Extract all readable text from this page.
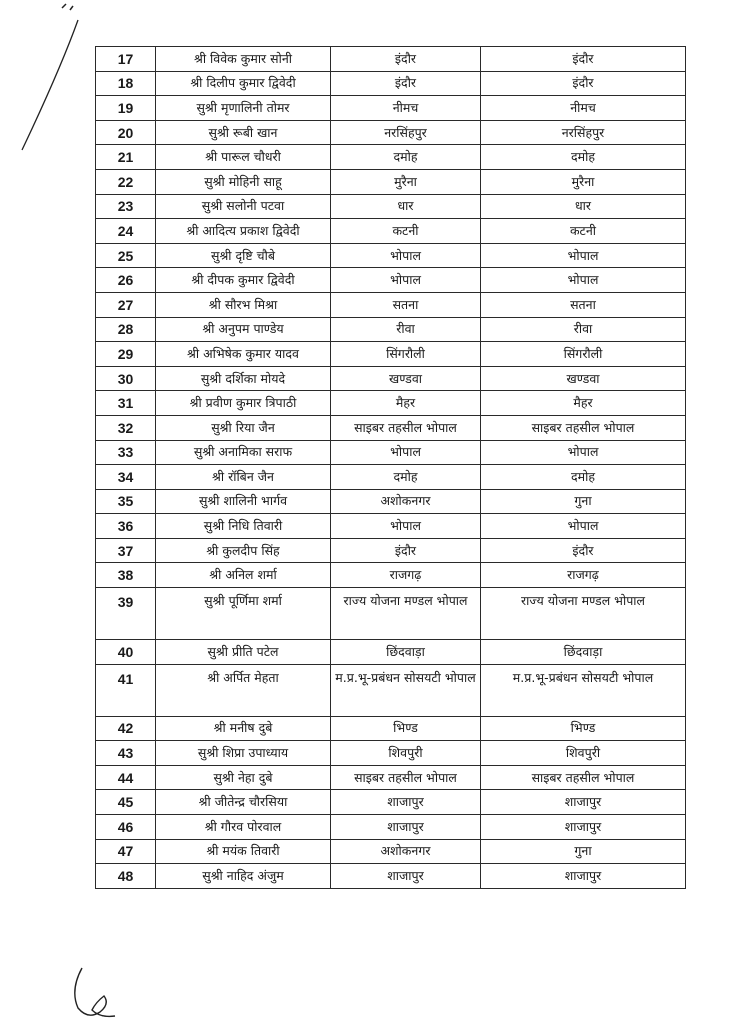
17	श्री विवेक कुमार सोनी	इंदौर	इंदौर
18	श्री दिलीप कुमार द्विवेदी	इंदौर	इंदौर
19	सुश्री मृणालिनी तोमर	नीमच	नीमच
20	सुश्री रूबी खान	नरसिंहपुर	नरसिंहपुर
21	श्री पारूल चौधरी	दमोह	दमोह
22	सुश्री मोहिनी साहू	मुरैना	मुरैना
23	सुश्री सलोनी पटवा	धार	धार
24	श्री आदित्य प्रकाश द्विवेदी	कटनी	कटनी
25	सुश्री दृष्टि चौबे	भोपाल	भोपाल
26	श्री दीपक कुमार द्विवेदी	भोपाल	भोपाल
27	श्री सौरभ मिश्रा	सतना	सतना
28	श्री अनुपम पाण्डेय	रीवा	रीवा
29	श्री अभिषेक कुमार यादव	सिंगरौली	सिंगरौली
30	सुश्री दर्शिका मोयदे	खण्डवा	खण्डवा
31	श्री प्रवीण कुमार त्रिपाठी	मैहर	मैहर
32	सुश्री रिया जैन	साइबर तहसील भोपाल	साइबर तहसील भोपाल
33	सुश्री अनामिका सराफ	भोपाल	भोपाल
34	श्री रॉबिन जैन	दमोह	दमोह
35	सुश्री शालिनी भार्गव	अशोकनगर	गुना
36	सुश्री निधि तिवारी	भोपाल	भोपाल
37	श्री कुलदीप सिंह	इंदौर	इंदौर
38	श्री अनिल शर्मा	राजगढ़	राजगढ़
39	सुश्री पूर्णिमा शर्मा	राज्य योजना मण्डल भोपाल	राज्य योजना मण्डल भोपाल
40	सुश्री प्रीति पटेल	छिंदवाड़ा	छिंदवाड़ा
41	श्री अर्पित मेहता	म.प्र.भू-प्रबंधन सोसयटी भोपाल	म.प्र.भू-प्रबंधन सोसयटी भोपाल
42	श्री मनीष दुबे	भिण्ड	भिण्ड
43	सुश्री शिप्रा उपाध्याय	शिवपुरी	शिवपुरी
44	सुश्री नेहा दुबे	साइबर तहसील भोपाल	साइबर तहसील भोपाल
45	श्री जीतेन्द्र चौरसिया	शाजापुर	शाजापुर
46	श्री गौरव पोरवाल	शाजापुर	शाजापुर
47	श्री मयंक तिवारी	अशोकनगर	गुना
48	सुश्री नाहिद अंजुम	शाजापुर	शाजापुर
